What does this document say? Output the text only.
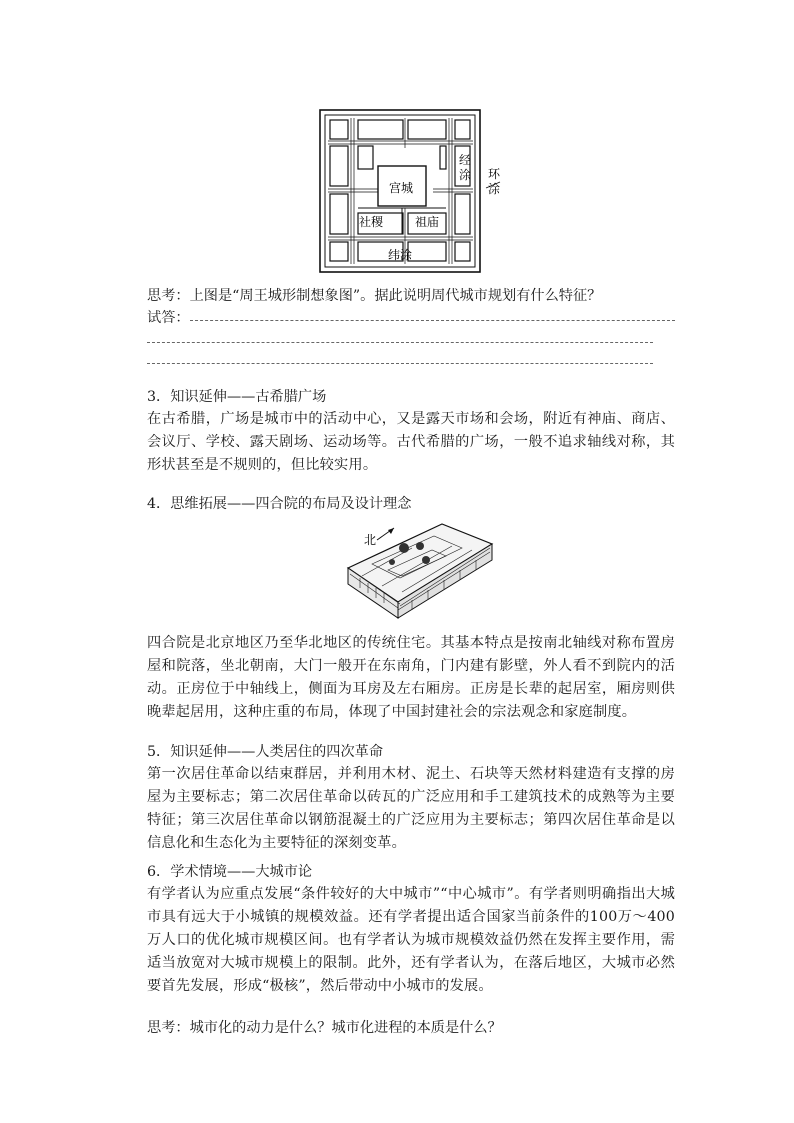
宫城
经
涂 环
涂
社稷	祖庙
纬涂
思考：上图是“周王城形制想象图”。据此说明周代城市规划有什么特征？
试答：
3．知识延伸——古希腊广场
在古希腊，广场是城市中的活动中心，又是露天市场和会场，附近有神庙、商店、会议厅、学校、露天剧场、运动场等。古代希腊的广场，一般不追求轴线对称，其形状甚至是不规则的，但比较实用。
4．思维拓展——四合院的布局及设计理念
北
四合院是北京地区乃至华北地区的传统住宅。其基本特点是按南北轴线对称布置房屋和院落，坐北朝南，大门一般开在东南角，门内建有影壁，外人看不到院内的活动。正房位于中轴线上，侧面为耳房及左右厢房。正房是长辈的起居室，厢房则供晚辈起居用，这种庄重的布局，体现了中国封建社会的宗法观念和家庭制度。
5．知识延伸——人类居住的四次革命
第一次居住革命以结束群居，并利用木材、泥土、石块等天然材料建造有支撑的房屋为主要标志；第二次居住革命以砖瓦的广泛应用和手工建筑技术的成熟等为主要特征；第三次居住革命以钢筋混凝土的广泛应用为主要标志；第四次居住革命是以信息化和生态化为主要特征的深刻变革。
6．学术情境——大城市论
有学者认为应重点发展“条件较好的大中城市”“中心城市”。有学者则明确指出大城市具有远大于小城镇的规模效益。还有学者提出适合国家当前条件的100万～400万人口的优化城市规模区间。也有学者认为城市规模效益仍然在发挥主要作用，需适当放宽对大城市规模上的限制。此外，还有学者认为，在落后地区，大城市必然要首先发展，形成“极核”，然后带动中小城市的发展。
思考：城市化的动力是什么？城市化进程的本质是什么？
